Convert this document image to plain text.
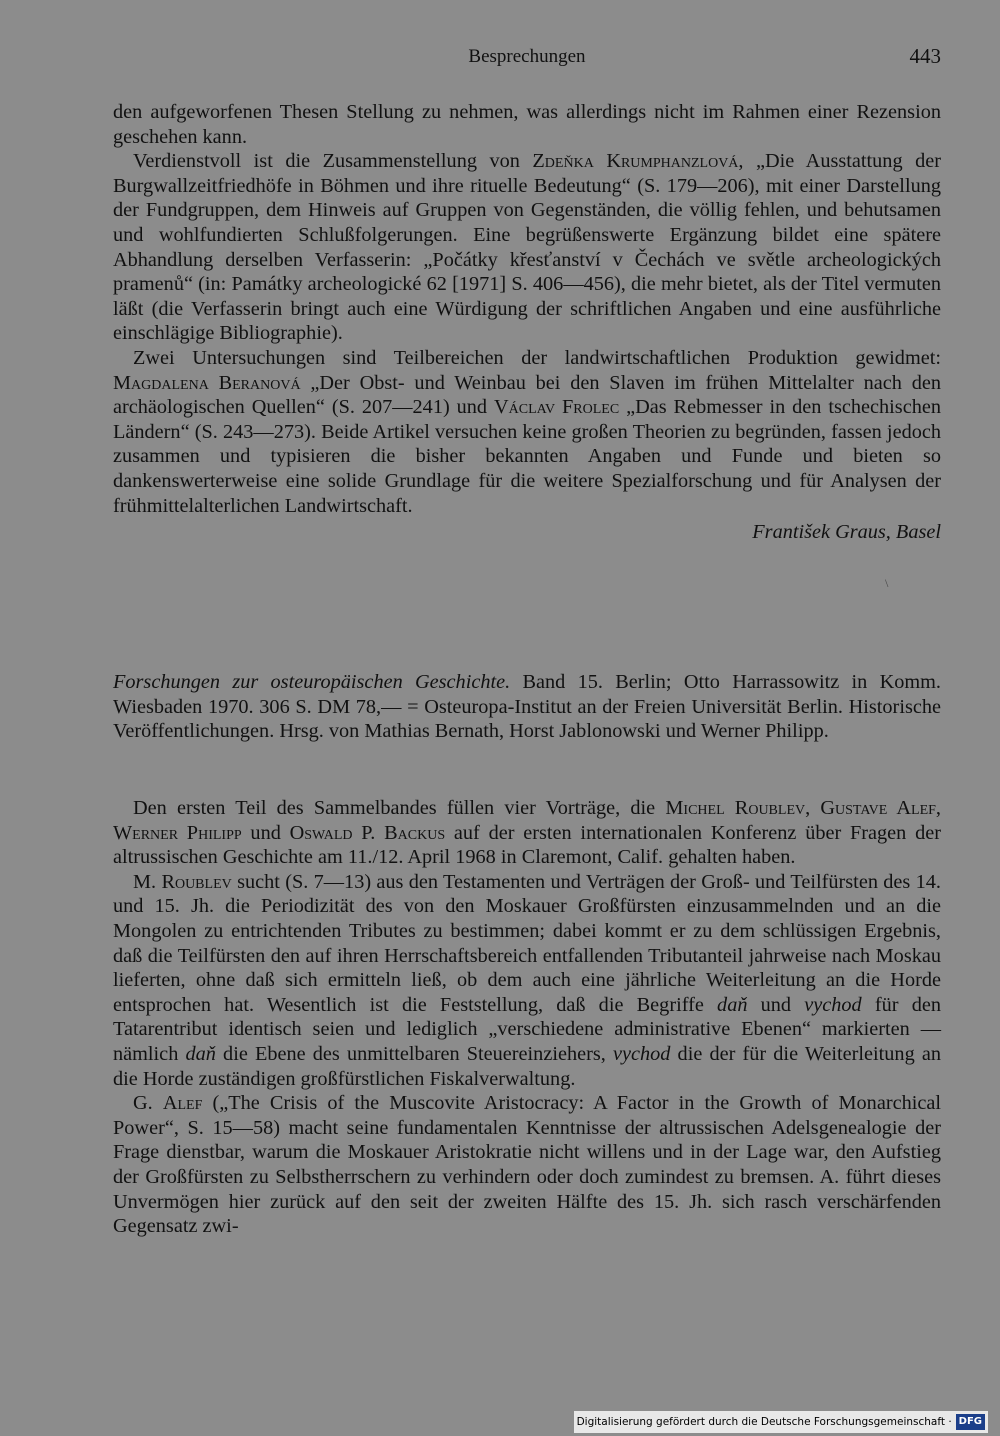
Besprechungen	443

den aufgeworfenen Thesen Stellung zu nehmen, was allerdings nicht im Rahmen einer Rezension geschehen kann.

Verdienstvoll ist die Zusammenstellung von Zdeňka Krumphanzlová, „Die Ausstattung der Burgwallzeitfriedhöfe in Böhmen und ihre rituelle Bedeutung“ (S. 179—206), mit einer Darstellung der Fundgruppen, dem Hinweis auf Gruppen von Gegenständen, die völlig fehlen, und behutsamen und wohlfundierten Schlußfolgerungen. Eine begrüßenswerte Ergänzung bildet eine spätere Abhandlung derselben Verfasserin: „Počátky křesťanství v Čechách ve světle archeologických pramenů“ (in: Památky archeologické 62 [1971] S. 406—456), die mehr bietet, als der Titel vermuten läßt (die Verfasserin bringt auch eine Würdigung der schriftlichen Angaben und eine ausführliche einschlägige Bibliographie).

Zwei Untersuchungen sind Teilbereichen der landwirtschaftlichen Produktion gewidmet: Magdalena Beranová „Der Obst- und Weinbau bei den Slaven im frühen Mittelalter nach den archäologischen Quellen“ (S. 207—241) und Václav Frolec „Das Rebmesser in den tschechischen Ländern“ (S. 243—273). Beide Artikel versuchen keine großen Theorien zu begründen, fassen jedoch zusammen und typisieren die bisher bekannten Angaben und Funde und bieten so dankenswerterweise eine solide Grundlage für die weitere Spezialforschung und für Analysen der frühmittelalterlichen Landwirtschaft.

František Graus, Basel

\

Forschungen zur osteuropäischen Geschichte. Band 15. Berlin; Otto Harrassowitz in Komm. Wiesbaden 1970. 306 S. DM 78,— = Osteuropa-Institut an der Freien Universität Berlin. Historische Veröffentlichungen. Hrsg. von Mathias Bernath, Horst Jablonowski und Werner Philipp.

Den ersten Teil des Sammelbandes füllen vier Vorträge, die Michel Roublev, Gustave Alef, Werner Philipp und Oswald P. Backus auf der ersten internationalen Konferenz über Fragen der altrussischen Geschichte am 11./12. April 1968 in Claremont, Calif. gehalten haben.

M. Roublev sucht (S. 7—13) aus den Testamenten und Verträgen der Groß- und Teilfürsten des 14. und 15. Jh. die Periodizität des von den Moskauer Großfürsten einzusammelnden und an die Mongolen zu entrichtenden Tributes zu bestimmen; dabei kommt er zu dem schlüssigen Ergebnis, daß die Teilfürsten den auf ihren Herrschaftsbereich entfallenden Tributanteil jahrweise nach Moskau lieferten, ohne daß sich ermitteln ließ, ob dem auch eine jährliche Weiterleitung an die Horde entsprochen hat. Wesentlich ist die Feststellung, daß die Begriffe daň und vychod für den Tatarentribut identisch seien und lediglich „verschiedene administrative Ebenen“ markierten — nämlich daň die Ebene des unmittelbaren Steuereinziehers, vychod die der für die Weiterleitung an die Horde zuständigen großfürstlichen Fiskalverwaltung.

G. Alef („The Crisis of the Muscovite Aristocracy: A Factor in the Growth of Monarchical Power“, S. 15—58) macht seine fundamentalen Kenntnisse der altrussischen Adelsgenealogie der Frage dienstbar, warum die Moskauer Aristokratie nicht willens und in der Lage war, den Aufstieg der Großfürsten zu Selbstherrschern zu verhindern oder doch zumindest zu bremsen. A. führt dieses Unvermögen hier zurück auf den seit der zweiten Hälfte des 15. Jh. sich rasch verschärfenden Gegensatz zwi-

Digitalisierung gefördert durch die Deutsche Forschungsgemeinschaft · DFG
